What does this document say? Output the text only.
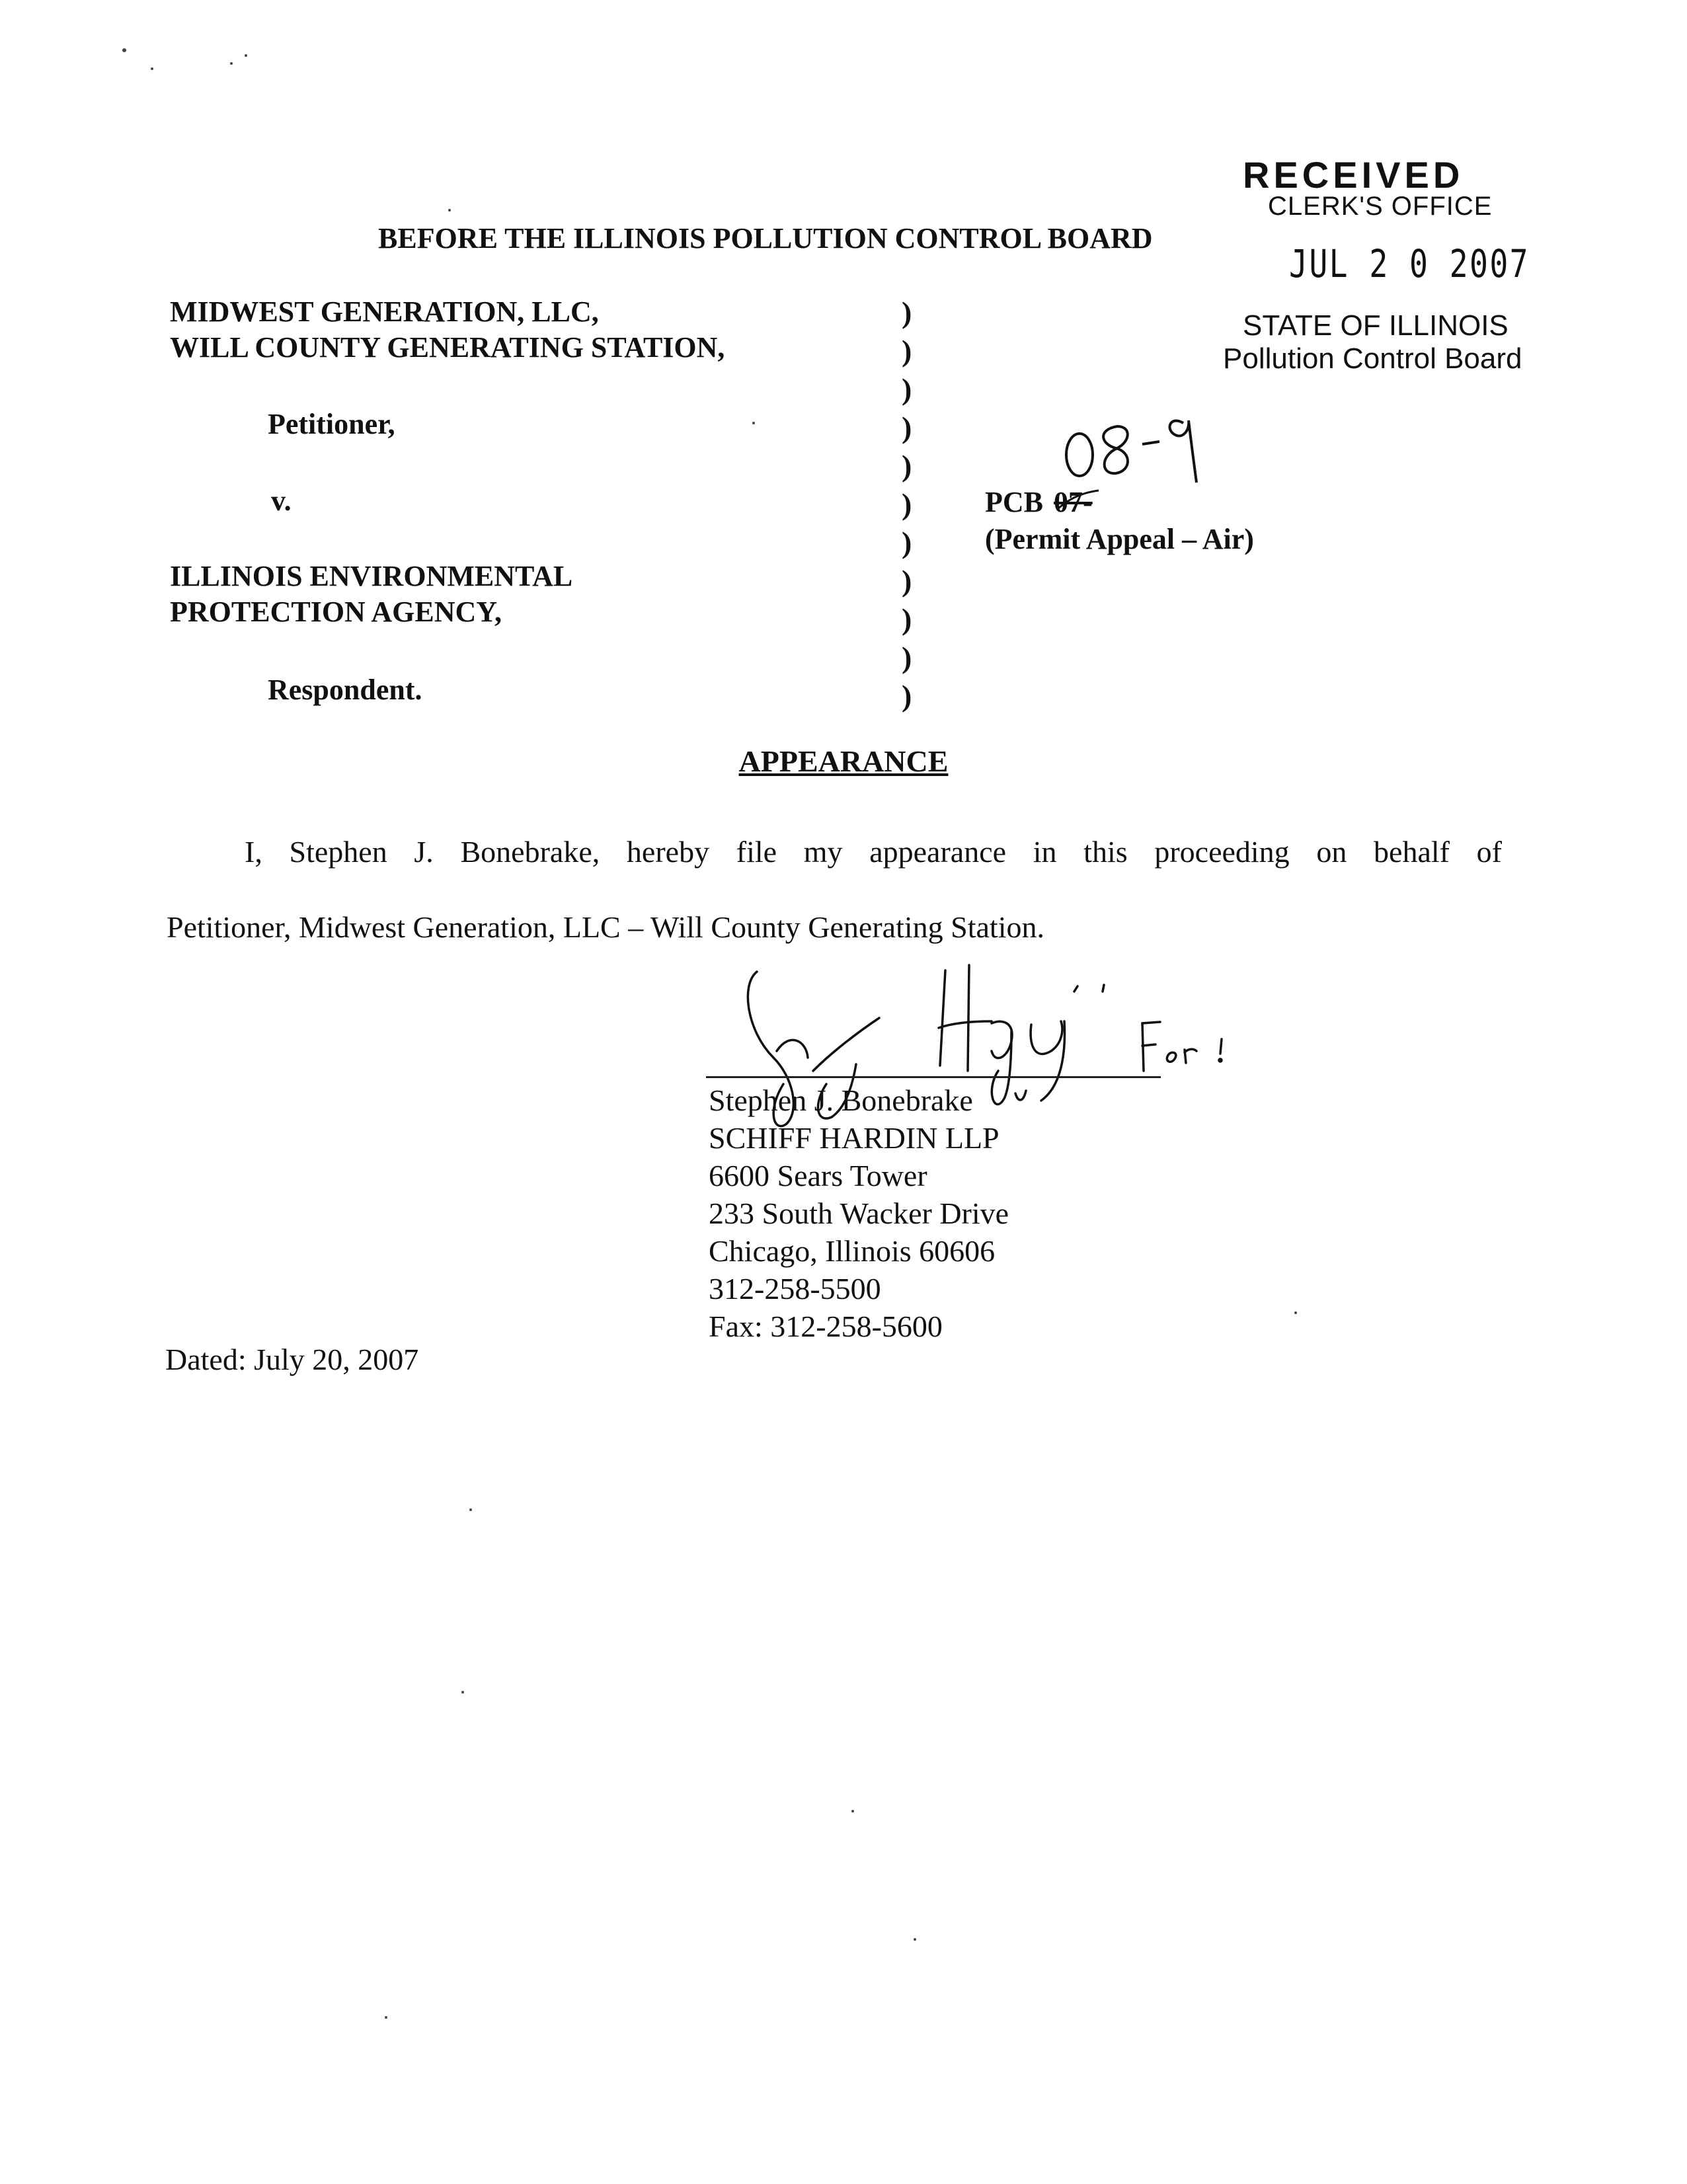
RECEIVED
CLERK'S OFFICE
JUL 2 0 2007
STATE OF ILLINOIS
Pollution Control Board
BEFORE THE ILLINOIS POLLUTION CONTROL BOARD
MIDWEST GENERATION, LLC,
WILL COUNTY GENERATING STATION,
Petitioner,
v.
ILLINOIS ENVIRONMENTAL
PROTECTION AGENCY,
Respondent.
)
)
)
)
)
)
)
)
)
)
)
PCB 07-
(Permit Appeal – Air)
APPEARANCE

I, Stephen J. Bonebrake, hereby file my appearance in this proceeding on behalf of

Petitioner, Midwest Generation, LLC – Will County Generating Station.

Stephen J. Bonebrake
SCHIFF HARDIN LLP
6600 Sears Tower
233 South Wacker Drive
Chicago, Illinois 60606
312-258-5500
Fax: 312-258-5600
Dated: July 20, 2007
